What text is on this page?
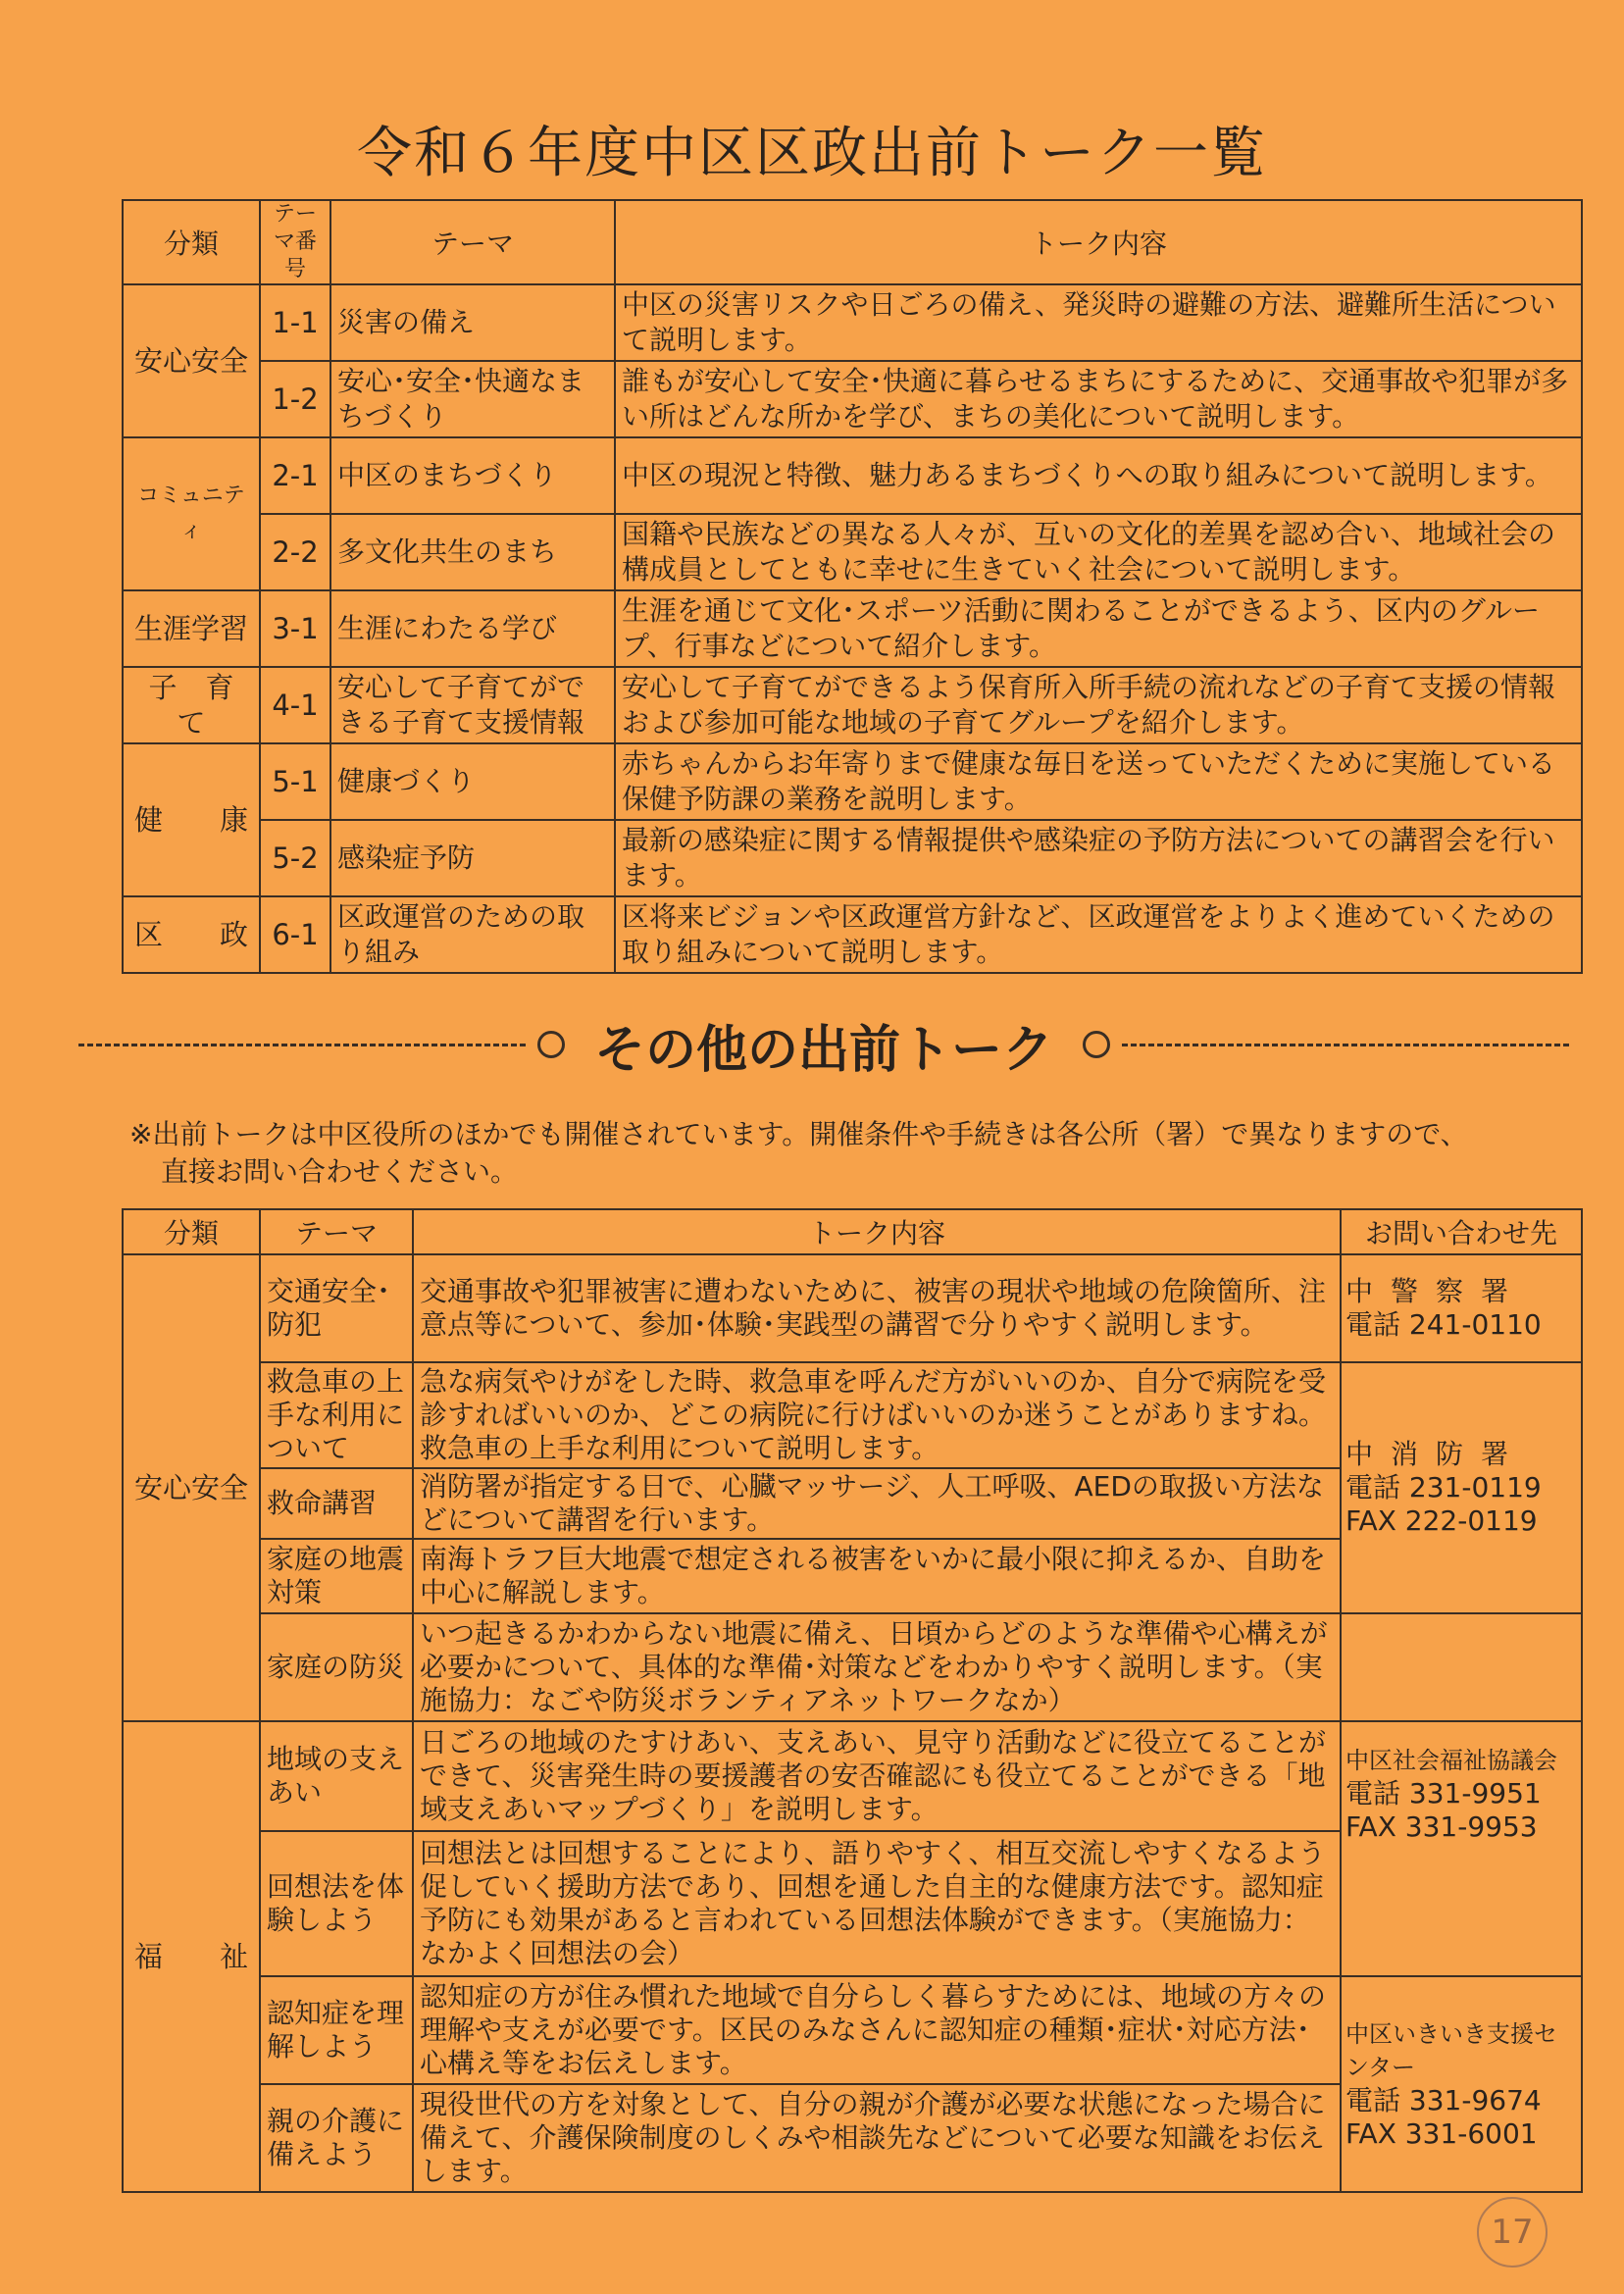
令和６年度中区区政出前トーク一覧
分類	テーマ番号	テーマ	トーク内容
安心安全	1-1	災害の備え	中区の災害リスクや日ごろの備え、発災時の避難の方法、避難所生活について説明します。
	1-2	安心･安全･快適なまちづくり	誰もが安心して安全･快適に暮らせるまちにするために、交通事故や犯罪が多い所はどんな所かを学び、まちの美化について説明します。
コミュニティ	2-1	中区のまちづくり	中区の現況と特徴、魅力あるまちづくりへの取り組みについて説明します。
	2-2	多文化共生のまち	国籍や民族などの異なる人々が、互いの文化的差異を認め合い、地域社会の構成員としてともに幸せに生きていく社会について説明します。
生涯学習	3-1	生涯にわたる学び	生涯を通じて文化･スポーツ活動に関わることができるよう、区内のグループ、行事などについて紹介します。
子　育　て	4-1	安心して子育てができる子育て支援情報	安心して子育てができるよう保育所入所手続の流れなどの子育て支援の情報および参加可能な地域の子育てグループを紹介します。
健　　康	5-1	健康づくり	赤ちゃんからお年寄りまで健康な毎日を送っていただくために実施している保健予防課の業務を説明します。
	5-2	感染症予防	最新の感染症に関する情報提供や感染症の予防方法についての講習会を行います。
区　　政	6-1	区政運営のための取り組み	区将来ビジョンや区政運営方針など、区政運営をよりよく進めていくための取り組みについて説明します。
その他の出前トーク
※出前トークは中区役所のほかでも開催されています。開催条件や手続きは各公所（署）で異なりますので、
直接お問い合わせください。
分類	テーマ	トーク内容	お問い合わせ先
安心安全	交通安全･防犯	交通事故や犯罪被害に遭わないために、被害の現状や地域の危険箇所、注意点等について、参加･体験･実践型の講習で分りやすく説明します。	中警察署
電話 241-0110

	救急車の上手な利用について	急な病気やけがをした時、救急車を呼んだ方がいいのか、自分で病院を受診すればいいのか、どこの病院に行けばいいのか迷うことがありますね。救急車の上手な利用について説明します。	中消防署
電話 231-0119
FAX 222-0119

	救命講習	消防署が指定する日で、心臓マッサージ、人工呼吸、AEDの取扱い方法などについて講習を行います。	
	家庭の地震対策	南海トラフ巨大地震で想定される被害をいかに最小限に抑えるか、自助を中心に解説します。	
	家庭の防災	いつ起きるかわからない地震に備え、日頃からどのような準備や心構えが必要かについて、具体的な準備･対策などをわかりやすく説明します。（実施協力：なごや防災ボランティアネットワークなか）	
福　　祉	地域の支えあい	日ごろの地域のたすけあい、支えあい、見守り活動などに役立てることができて、災害発生時の要援護者の安否確認にも役立てることができる「地域支えあいマップづくり」を説明します。	中区社会福祉協議会
電話 331-9951
FAX 331-9953

	回想法を体験しよう	回想法とは回想することにより、語りやすく、相互交流しやすくなるよう促していく援助方法であり、回想を通した自主的な健康方法です。認知症予防にも効果があると言われている回想法体験ができます。（実施協力：なかよく回想法の会）	
	認知症を理解しよう	認知症の方が住み慣れた地域で自分らしく暮らすためには、地域の方々の理解や支えが必要です。区民のみなさんに認知症の種類･症状･対応方法･心構え等をお伝えします。	中区いきいき支援センター
電話 331-9674
FAX 331-6001

	親の介護に備えよう	現役世代の方を対象として、自分の親が介護が必要な状態になった場合に備えて、介護保険制度のしくみや相談先などについて必要な知識をお伝えします。	
17
